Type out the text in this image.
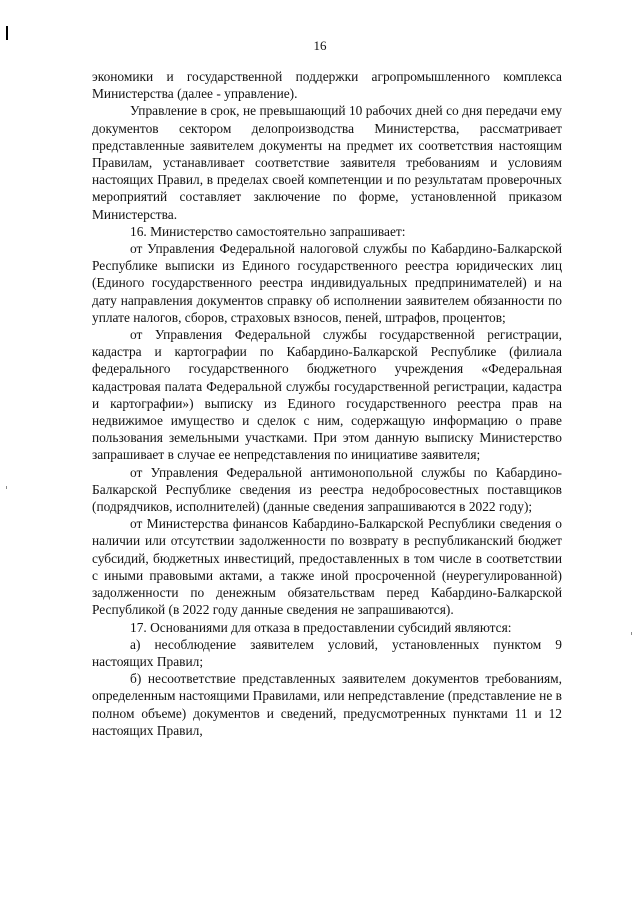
16

экономики и государственной поддержки агропромышленного комплекса Министерства (далее - управление).

Управление в срок, не превышающий 10 рабочих дней со дня передачи ему документов сектором делопроизводства Министерства, рассматривает представленные заявителем документы на предмет их соответствия настоящим Правилам, устанавливает соответствие заявителя требованиям и условиям настоящих Правил, в пределах своей компетенции и по результатам проверочных мероприятий составляет заключение по форме, установленной приказом Министерства.

16. Министерство самостоятельно запрашивает:

от Управления Федеральной налоговой службы по Кабардино-Балкарской Республике выписки из Единого государственного реестра юридических лиц (Единого государственного реестра индивидуальных предпринимателей) и на дату направления документов справку об исполнении заявителем обязанности по уплате налогов, сборов, страховых взносов, пеней, штрафов, процентов;

от Управления Федеральной службы государственной регистрации, кадастра и картографии по Кабардино-Балкарской Республике (филиала федерального государственного бюджетного учреждения «Федеральная кадастровая палата Федеральной службы государственной регистрации, кадастра и картографии») выписку из Единого государственного реестра прав на недвижимое имущество и сделок с ним, содержащую информацию о праве пользования земельными участками. При этом данную выписку Министерство запрашивает в случае ее непредставления по инициативе заявителя;

от Управления Федеральной антимонопольной службы по Кабардино-Балкарской Республике сведения из реестра недобросовестных поставщиков (подрядчиков, исполнителей) (данные сведения запрашиваются в 2022 году);

от Министерства финансов Кабардино-Балкарской Республики сведения о наличии или отсутствии задолженности по возврату в республиканский бюджет субсидий, бюджетных инвестиций, предоставленных в том числе в соответствии с иными правовыми актами, а также иной просроченной (неурегулированной) задолженности по денежным обязательствам перед Кабардино-Балкарской Республикой (в 2022 году данные сведения не запрашиваются).

17. Основаниями для отказа в предоставлении субсидий являются:

а) несоблюдение заявителем условий, установленных пунктом 9 настоящих Правил;

б) несоответствие представленных заявителем документов требованиям, определенным настоящими Правилами, или непредставление (представление не в полном объеме) документов и сведений, предусмотренных пунктами 11 и 12 настоящих Правил,
